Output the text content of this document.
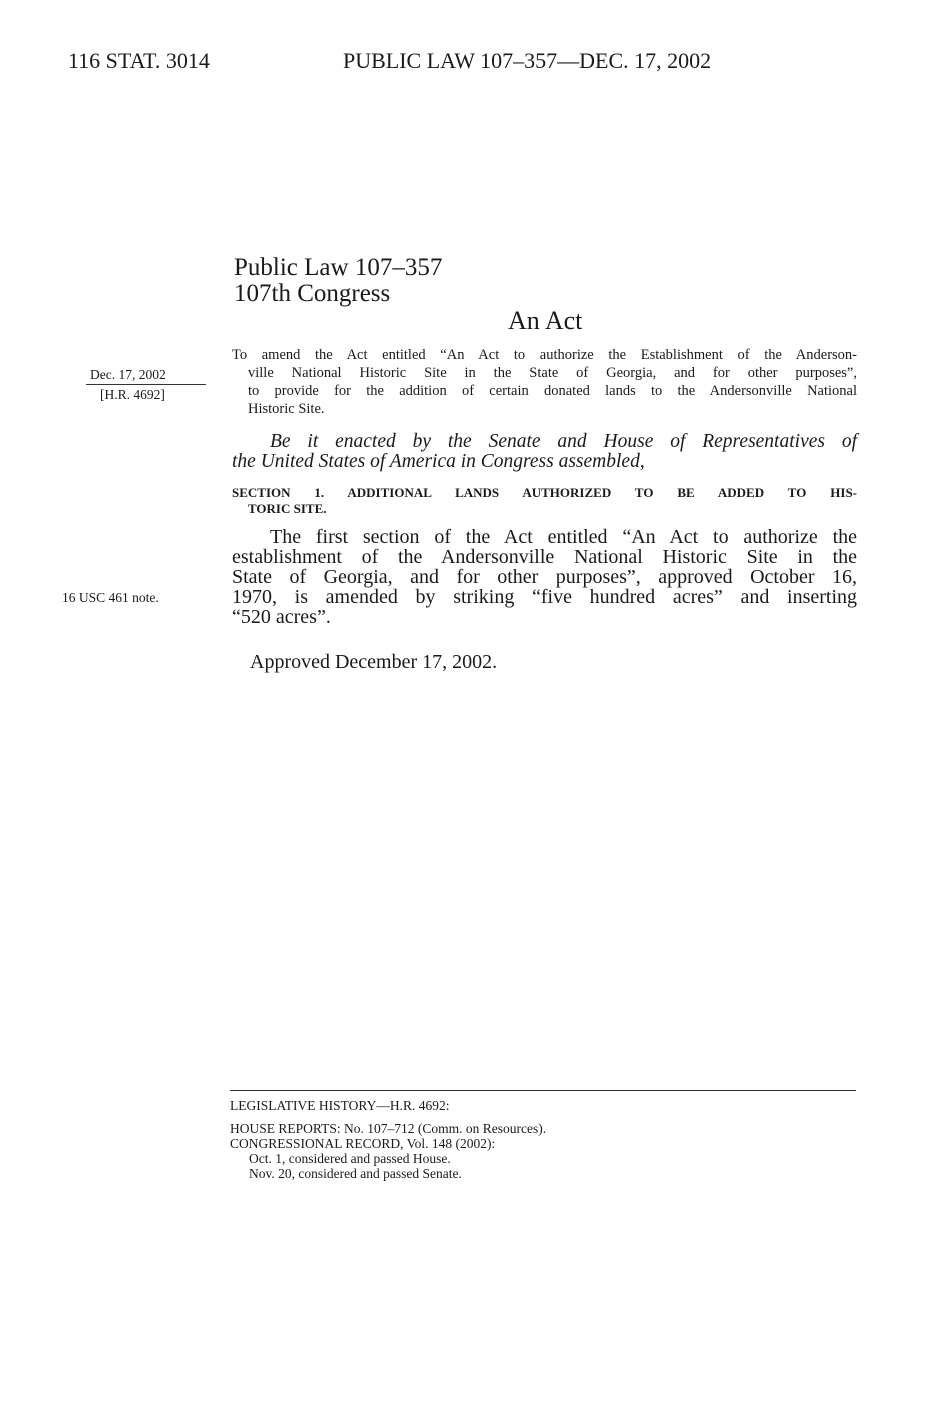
116 STAT. 3014	PUBLIC LAW 107–357—DEC. 17, 2002
Public Law 107–357
107th Congress
An Act
Dec. 17, 2002
[H.R. 4692]
To amend the Act entitled “An Act to authorize the Establishment of the Anderson-
ville National Historic Site in the State of Georgia, and for other purposes”,
to provide for the addition of certain donated lands to the Andersonville National
Historic Site.
Be it enacted by the Senate and House of Representatives of
the United States of America in Congress assembled,
SECTION 1. ADDITIONAL LANDS AUTHORIZED TO BE ADDED TO HIS-
TORIC SITE.
The first section of the Act entitled “An Act to authorize the
establishment of the Andersonville National Historic Site in the
State of Georgia, and for other purposes”, approved October 16,
1970, is amended by striking “five hundred acres” and inserting
“520 acres”.
16 USC 461 note.
Approved December 17, 2002.
LEGISLATIVE HISTORY—H.R. 4692:
HOUSE REPORTS: No. 107–712 (Comm. on Resources).
CONGRESSIONAL RECORD, Vol. 148 (2002):
Oct. 1, considered and passed House.
Nov. 20, considered and passed Senate.
